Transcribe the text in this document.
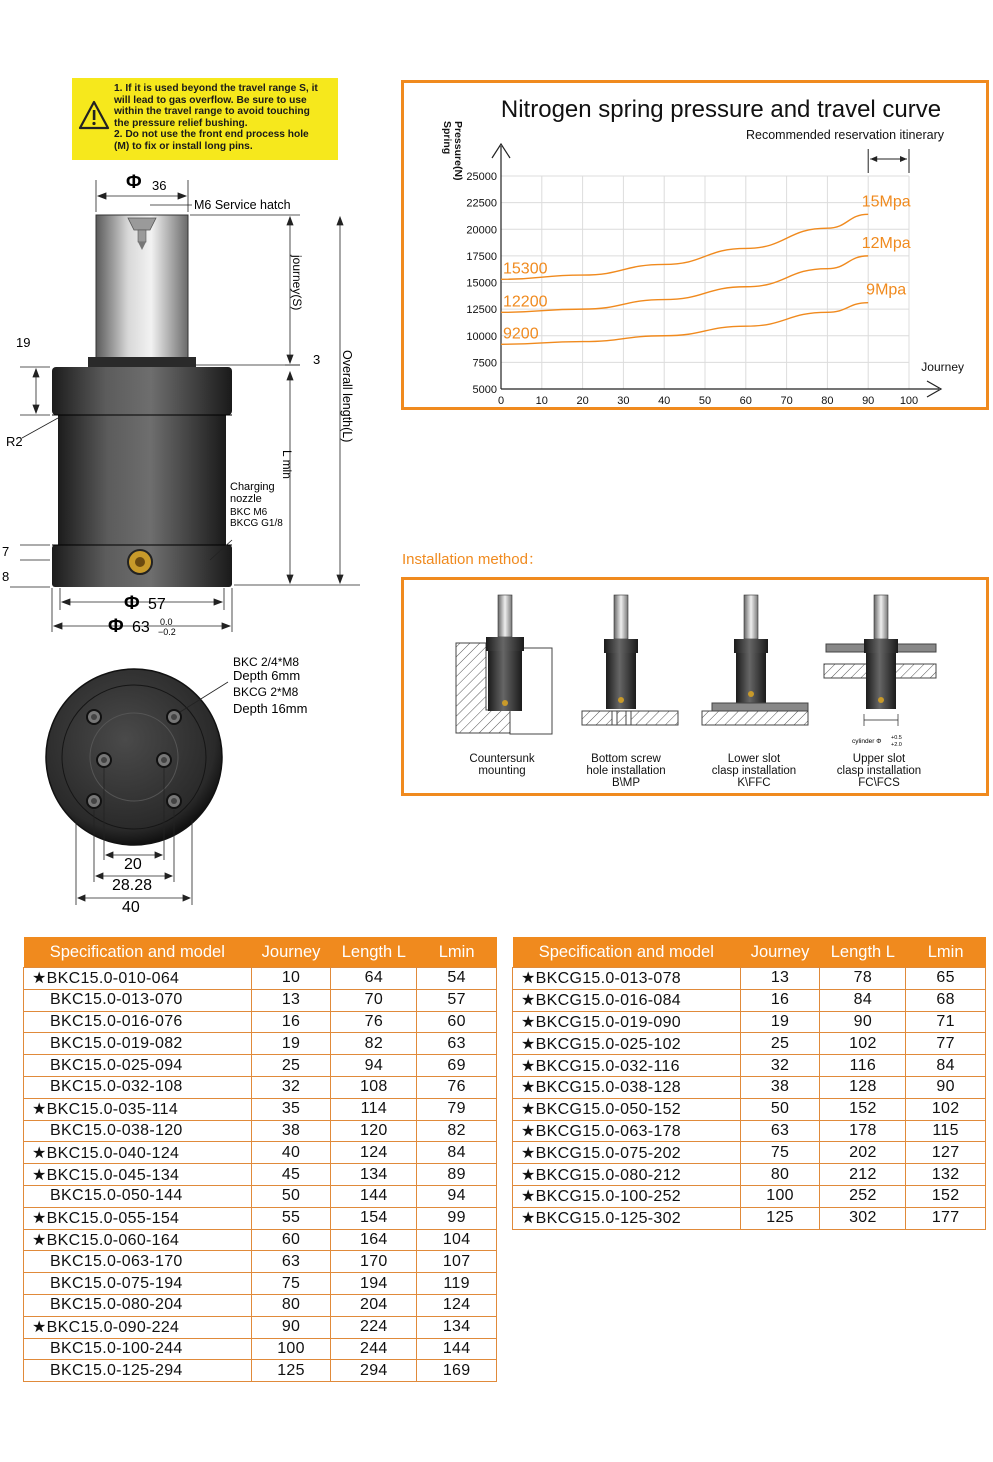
1. If it is used beyond the travel range S, it
will lead to gas overflow. Be sure to use
within the travel range to avoid touching
the pressure relief bushing.
2. Do not use the front end process hole
(M) to fix or install long pins.
Φ 36
M6 Service hatch
journey(S)
Overall length(L)
L min
19
3
R2
7
8
Charging
nozzle
BKC M6
BKCG G1/8
Φ 57
Φ 63 0.0
−0.2
BKC 2/4*M8
Depth 6mm
BKCG 2*M8
Depth 16mm
20
28.28
40
0	10	20	30	40	50	60	70	80	90 100
5000
7500
10000
12500
15000
17500
20000
22500
25000
Nitrogen spring pressure and travel curve
Spring Pressure(N)
Journey
Recommended reservation itinerary
15300
15Mpa
12200
12Mpa
9200
9Mpa
Installation method：
cylinder Φ +0.5
+2.0
Countersunk
mounting
Bottom screw
hole installation
B\MP
Lower slot
clasp installation
K\FFC
Upper slot
clasp installation
FC\FCS
Specification and model	Journey	Length L	Lmin
★BKC15.0-010-064	10	64	54
BKC15.0-013-070	13	70	57
BKC15.0-016-076	16	76	60
BKC15.0-019-082	19	82	63
BKC15.0-025-094	25	94	69
BKC15.0-032-108	32	108	76
★BKC15.0-035-114	35	114	79
BKC15.0-038-120	38	120	82
★BKC15.0-040-124	40	124	84
★BKC15.0-045-134	45	134	89
BKC15.0-050-144	50	144	94
★BKC15.0-055-154	55	154	99
★BKC15.0-060-164	60	164	104
BKC15.0-063-170	63	170	107
BKC15.0-075-194	75	194	119
BKC15.0-080-204	80	204	124
★BKC15.0-090-224	90	224	134
BKC15.0-100-244	100	244	144
BKC15.0-125-294	125	294	169
Specification and model	Journey	Length L	Lmin
★BKCG15.0-013-078	13	78	65
★BKCG15.0-016-084	16	84	68
★BKCG15.0-019-090	19	90	71
★BKCG15.0-025-102	25	102	77
★BKCG15.0-032-116	32	116	84
★BKCG15.0-038-128	38	128	90
★BKCG15.0-050-152	50	152	102
★BKCG15.0-063-178	63	178	115
★BKCG15.0-075-202	75	202	127
★BKCG15.0-080-212	80	212	132
★BKCG15.0-100-252	100	252	152
★BKCG15.0-125-302	125	302	177
